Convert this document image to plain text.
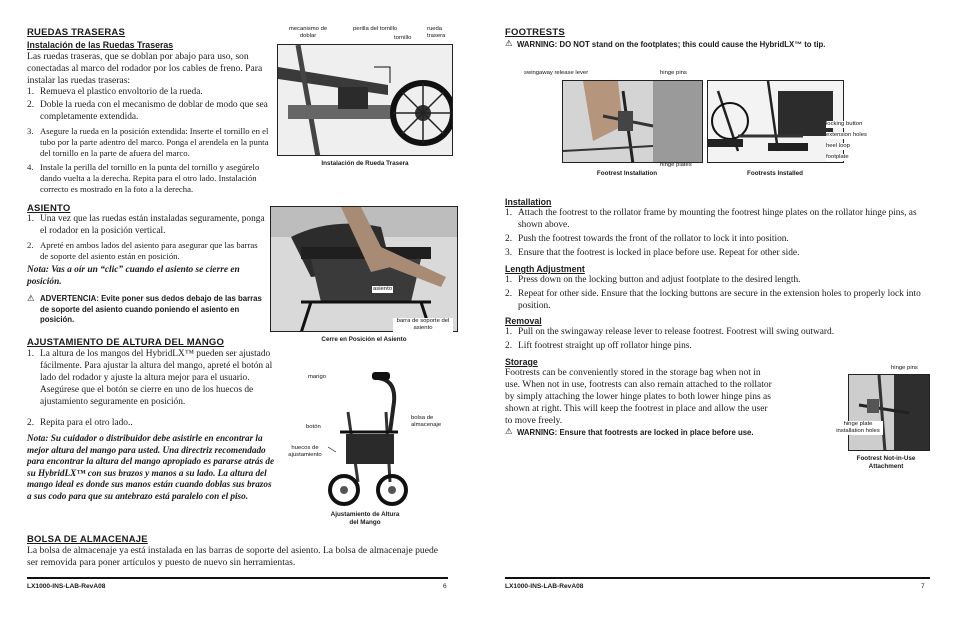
RUEDAS TRASERAS
Instalación de las Ruedas Traseras
Las ruedas traseras, que se doblan por abajo para uso, son conectadas al marco del rodador por los cables de freno. Para instalar las ruedas traseras:
1. Remueva el plastico envoltorio de la rueda.
2. Doble la rueda con el mecanismo de doblar de modo que sea completamente extendida.
3. Asegure la rueda en la posición extendida: Inserte el tornillo en el tubo por la parte adentro del marco. Ponga el arendela en la punta del tornillo en la parte de afuera del marco.
4. Instale la perilla del tornillo en la punta del tornillo y asegúrelo dando vuelta a la derecha. Repita para el otro lado. Instalación correcto es mostrado en la foto a la derecha.
mecanismo de doblar
perilla del tornillo
tornillo
rueda trasera
Instalación de Rueda Trasera
ASIENTO
1. Una vez que las ruedas están instaladas seguramente, ponga el rodador en la posición vertical.
2. Apreté en ambos lados del asiento para asegurar que las barras de soporte del asiento están en posición.
Nota: Vas a oír un “clic” cuando el asiento se cierre en posición.
⚠ ADVERTENCIA: Evite poner sus dedos debajo de las barras de soporte del asiento cuando poniendo el asiento en posición.
asiento
barra de soporte del asiento
Cerre en Posición el Asiento
AJUSTAMIENTO DE ALTURA DEL MANGO
1. La altura de los mangos del HybridLX™ pueden ser ajustado fácilmente. Para ajustar la altura del mango, apreté el botón al lado del rodador y ajuste la altura mejor para el usuario. Asegúrese que el botón se cierre en uno de los huecos de ajustamiento seguramente en posición.
2. Repita para el otro lado..
Nota: Su cuidador o distribuidor debe asistirle en encontrar la mejor altura del mango para usted. Una directriz recomendado para encontrar la altura del mango apropiado es pararse atrás de su HybridLX™ con sus brazos y manos a su lado. La altura del mango ideal es donde sus manos están cuando doblas sus brazos a sus codo para que su antebrazo está paralelo con el piso.
mango
botón
huecos de ajustamiento
bolsa de almacenaje
Ajustamiento de Altura del Mango
BOLSA DE ALMACENAJE
La bolsa de almacenaje ya está instalada en las barras de soporte del asiento. La bolsa de almacenaje puede ser removida para poner artículos y puesto de nuevo sin herramientas.
LX1000-INS-LAB-RevA08	6
FOOTRESTS
⚠ WARNING: DO NOT stand on the footplates; this could cause the HybridLX™ to tip.
swingaway release lever	hinge pins
hinge plates
Footrest Installation
locking button
extension holes
heel loop
footplate
Footrests Installed
Installation
1. Attach the footrest to the rollator frame by mounting the footrest hinge plates on the rollator hinge pins, as shown above.
2. Push the footrest towards the front of the rollator to lock it into position.
3. Ensure that the footrest is locked in place before use. Repeat for other side.
Length Adjustment
1. Press down on the locking button and adjust footplate to the desired length.
2. Repeat for other side. Ensure that the locking buttons are secure in the extension holes to properly lock into position.
Removal
1. Pull on the swingaway release lever to release footrest. Footrest will swing outward.
2. Lift footrest straight up off rollator hinge pins.
Storage
Footrests can be conveniently stored in the storage bag when not in use. When not in use, footrests can also remain attached to the rollator by simply attaching the lower hinge plates to both lower hinge pins as shown at right. This will keep the footrest in place and allow the user to move freely.
⚠ WARNING: Ensure that footrests are locked in place before use.
hinge pins
hinge plate installation holes
Footrest Not-in-Use Attachment
LX1000-INS-LAB-RevA08	7
